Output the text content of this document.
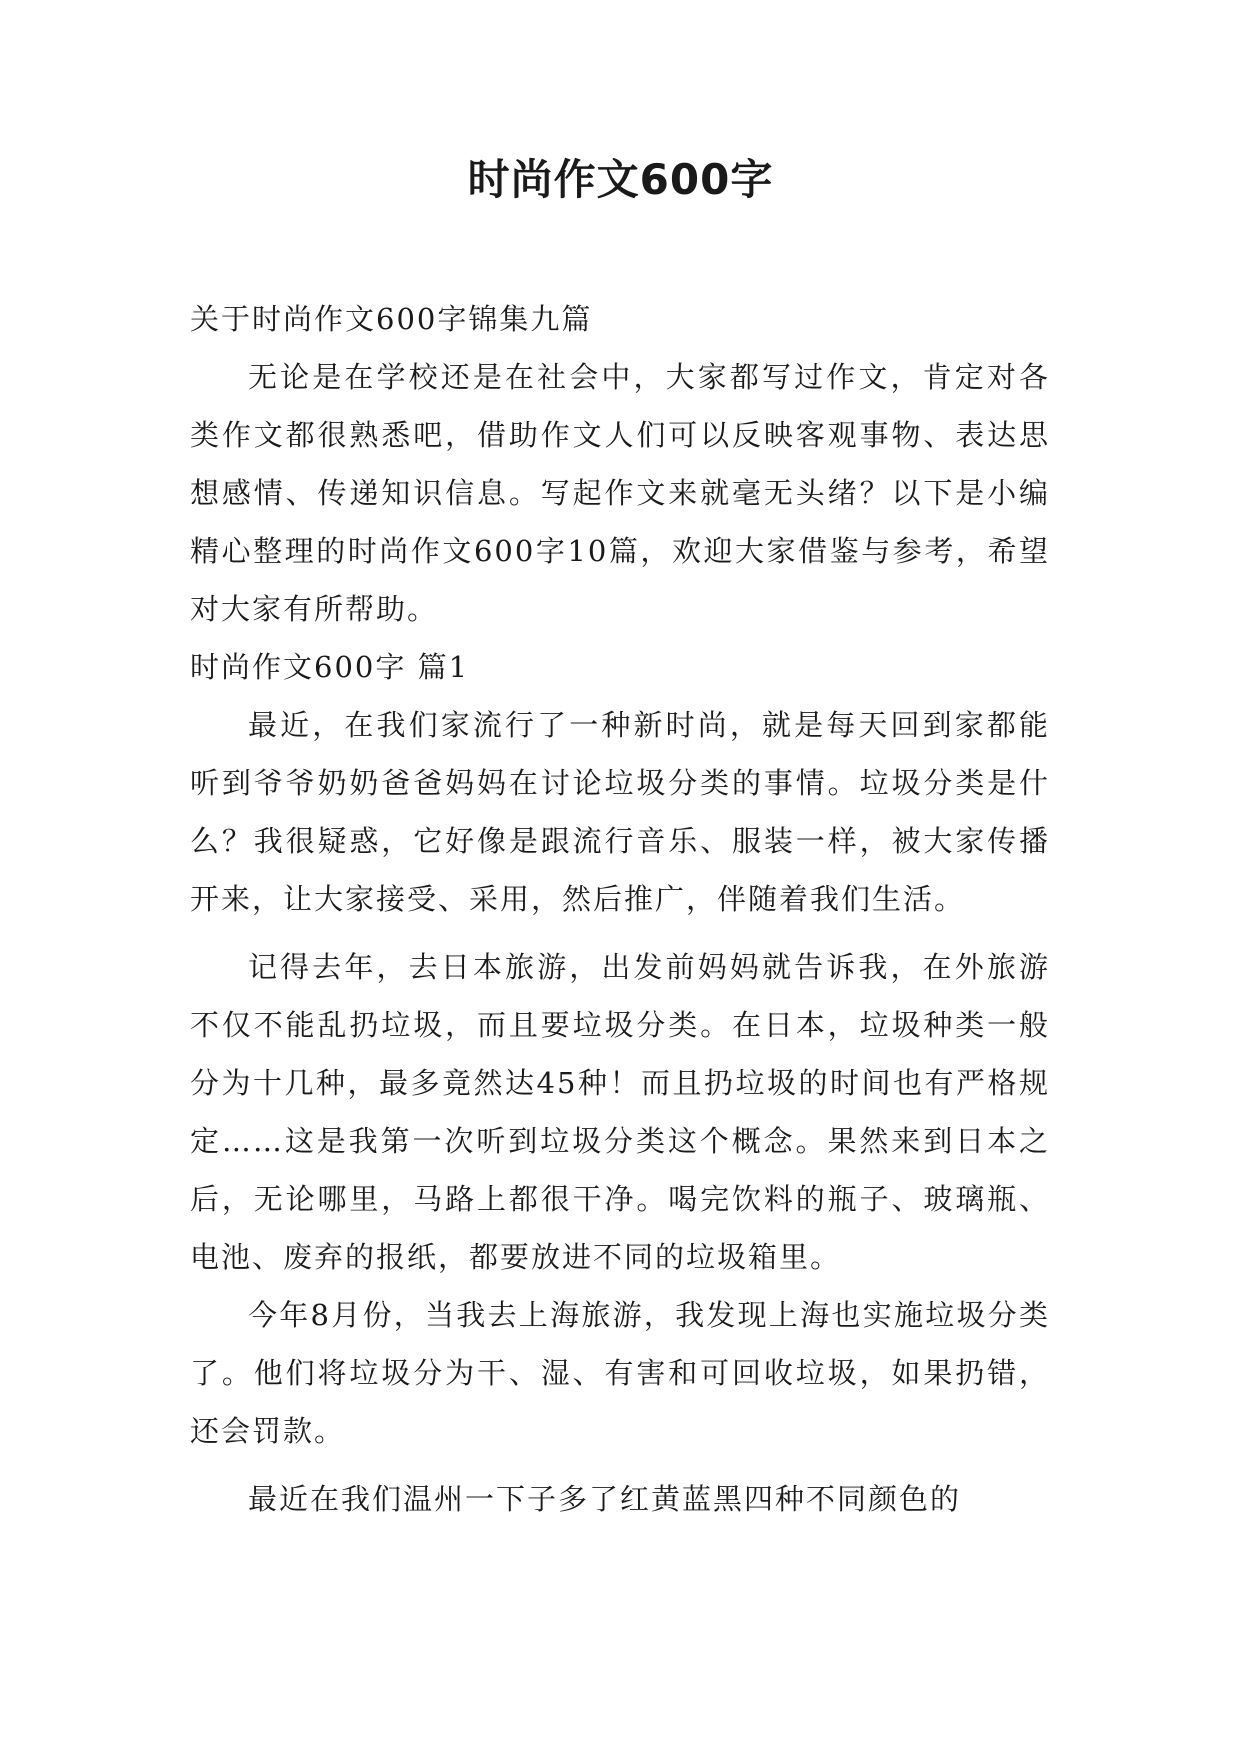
时尚作文600字

关于时尚作文600字锦集九篇

无论是在学校还是在社会中，大家都写过作文，肯定对各类作文都很熟悉吧，借助作文人们可以反映客观事物、表达思想感情、传递知识信息。写起作文来就毫无头绪？以下是小编精心整理的时尚作文600字10篇，欢迎大家借鉴与参考，希望对大家有所帮助。

时尚作文600字 篇1

最近，在我们家流行了一种新时尚，就是每天回到家都能听到爷爷奶奶爸爸妈妈在讨论垃圾分类的事情。垃圾分类是什么？我很疑惑，它好像是跟流行音乐、服装一样，被大家传播开来，让大家接受、采用，然后推广，伴随着我们生活。

记得去年，去日本旅游，出发前妈妈就告诉我，在外旅游不仅不能乱扔垃圾，而且要垃圾分类。在日本，垃圾种类一般分为十几种，最多竟然达45种！而且扔垃圾的时间也有严格规定……这是我第一次听到垃圾分类这个概念。果然来到日本之后，无论哪里，马路上都很干净。喝完饮料的瓶子、玻璃瓶、电池、废弃的报纸，都要放进不同的垃圾箱里。

今年8月份，当我去上海旅游，我发现上海也实施垃圾分类了。他们将垃圾分为干、湿、有害和可回收垃圾，如果扔错，还会罚款。

最近在我们温州一下子多了红黄蓝黑四种不同颜色的
